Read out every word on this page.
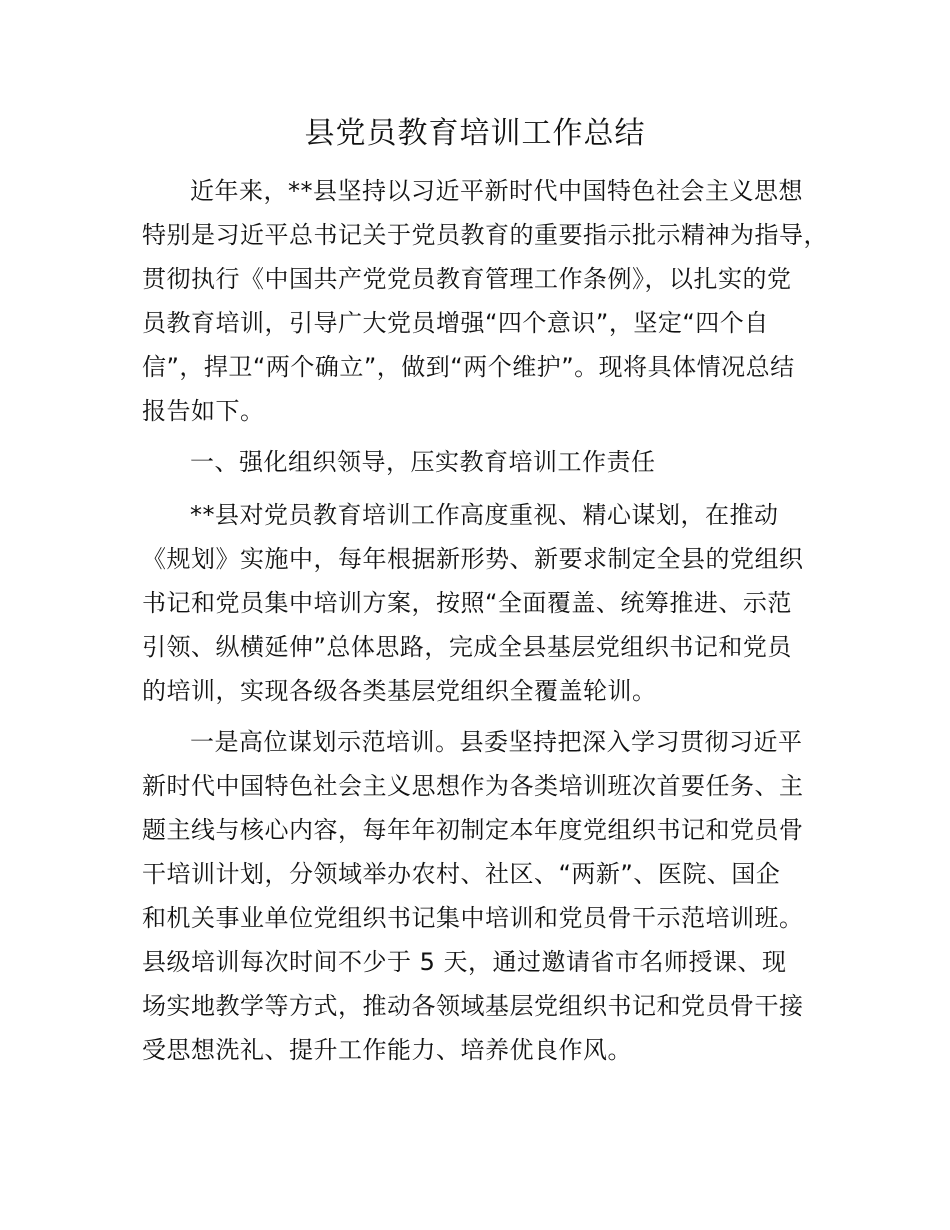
县党员教育培训工作总结
近年来，**县坚持以习近平新时代中国特色社会主义思想
特别是习近平总书记关于党员教育的重要指示批示精神为指导，
贯彻执行《中国共产党党员教育管理工作条例》，以扎实的党
员教育培训，引导广大党员增强“四个意识”，坚定“四个自
信”，捍卫“两个确立”，做到“两个维护”。现将具体情况总结
报告如下。
一、强化组织领导，压实教育培训工作责任
**县对党员教育培训工作高度重视、精心谋划，在推动
《规划》实施中，每年根据新形势、新要求制定全县的党组织
书记和党员集中培训方案，按照“全面覆盖、统筹推进、示范
引领、纵横延伸”总体思路，完成全县基层党组织书记和党员
的培训，实现各级各类基层党组织全覆盖轮训。
一是高位谋划示范培训。县委坚持把深入学习贯彻习近平
新时代中国特色社会主义思想作为各类培训班次首要任务、主
题主线与核心内容，每年年初制定本年度党组织书记和党员骨
干培训计划，分领域举办农村、社区、“两新”、医院、国企
和机关事业单位党组织书记集中培训和党员骨干示范培训班。
县级培训每次时间不少于 5 天，通过邀请省市名师授课、现
场实地教学等方式，推动各领域基层党组织书记和党员骨干接
受思想洗礼、提升工作能力、培养优良作风。
